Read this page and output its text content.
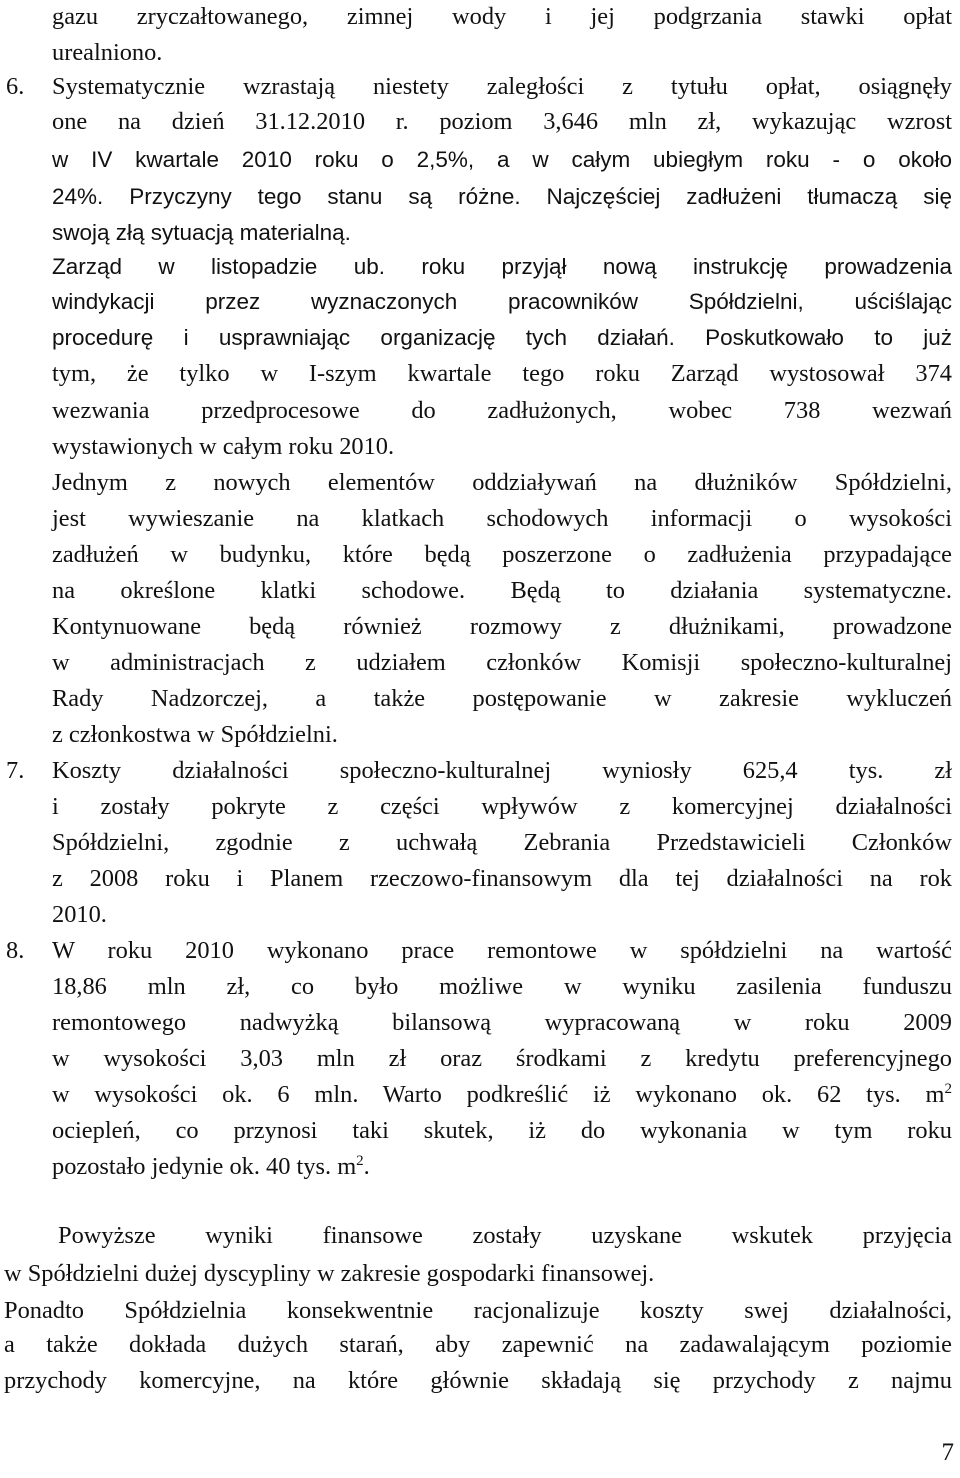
gazu zryczałtowanego, zimnej wody i jej podgrzania stawki opłat
urealniono.
6. Systematycznie wzrastają niestety zaległości z tytułu opłat, osiągnęły
one na dzień 31.12.2010 r. poziom 3,646 mln zł, wykazując wzrost
w IV kwartale 2010 roku o 2,5%, a w całym ubiegłym roku - o około
24%. Przyczyny tego stanu są różne. Najczęściej zadłużeni tłumaczą się
swoją złą sytuacją materialną.
Zarząd w listopadzie ub. roku przyjął nową instrukcję prowadzenia
windykacji przez wyznaczonych pracowników Spółdzielni, uściślając
procedurę i usprawniając organizację tych działań. Poskutkowało to już
tym, że tylko w I-szym kwartale tego roku Zarząd wystosował 374
wezwania przedprocesowe do zadłużonych, wobec 738 wezwań
wystawionych w całym roku 2010.
Jednym z nowych elementów oddziaływań na dłużników Spółdzielni,
jest wywieszanie na klatkach schodowych informacji o wysokości
zadłużeń w budynku, które będą poszerzone o zadłużenia przypadające
na określone klatki schodowe. Będą to działania systematyczne.
Kontynuowane będą również rozmowy z dłużnikami, prowadzone
w administracjach z udziałem członków Komisji społeczno-kulturalnej
Rady Nadzorczej, a także postępowanie w zakresie wykluczeń
z członkostwa w Spółdzielni.
7. Koszty działalności społeczno-kulturalnej wyniosły 625,4 tys. zł
i zostały pokryte z części wpływów z komercyjnej działalności
Spółdzielni, zgodnie z uchwałą Zebrania Przedstawicieli Członków
z 2008 roku i Planem rzeczowo-finansowym dla tej działalności na rok
2010.
8. W roku 2010 wykonano prace remontowe w spółdzielni na wartość
18,86 mln zł, co było możliwe w wyniku zasilenia funduszu
remontowego nadwyżką bilansową wypracowaną w roku 2009
w wysokości 3,03 mln zł oraz środkami z kredytu preferencyjnego
w wysokości ok. 6 mln. Warto podkreślić iż wykonano ok. 62 tys. $m^2$
ociepleń, co przynosi taki skutek, iż do wykonania w tym roku
pozostało jedynie ok. 40 tys. $m^2$.
Powyższe wyniki finansowe zostały uzyskane wskutek przyjęcia
w Spółdzielni dużej dyscypliny w zakresie gospodarki finansowej.
Ponadto Spółdzielnia konsekwentnie racjonalizuje koszty swej działalności,
a także dokłada dużych starań, aby zapewnić na zadawalającym poziomie
przychody komercyjne, na które głównie składają się przychody z najmu
7
